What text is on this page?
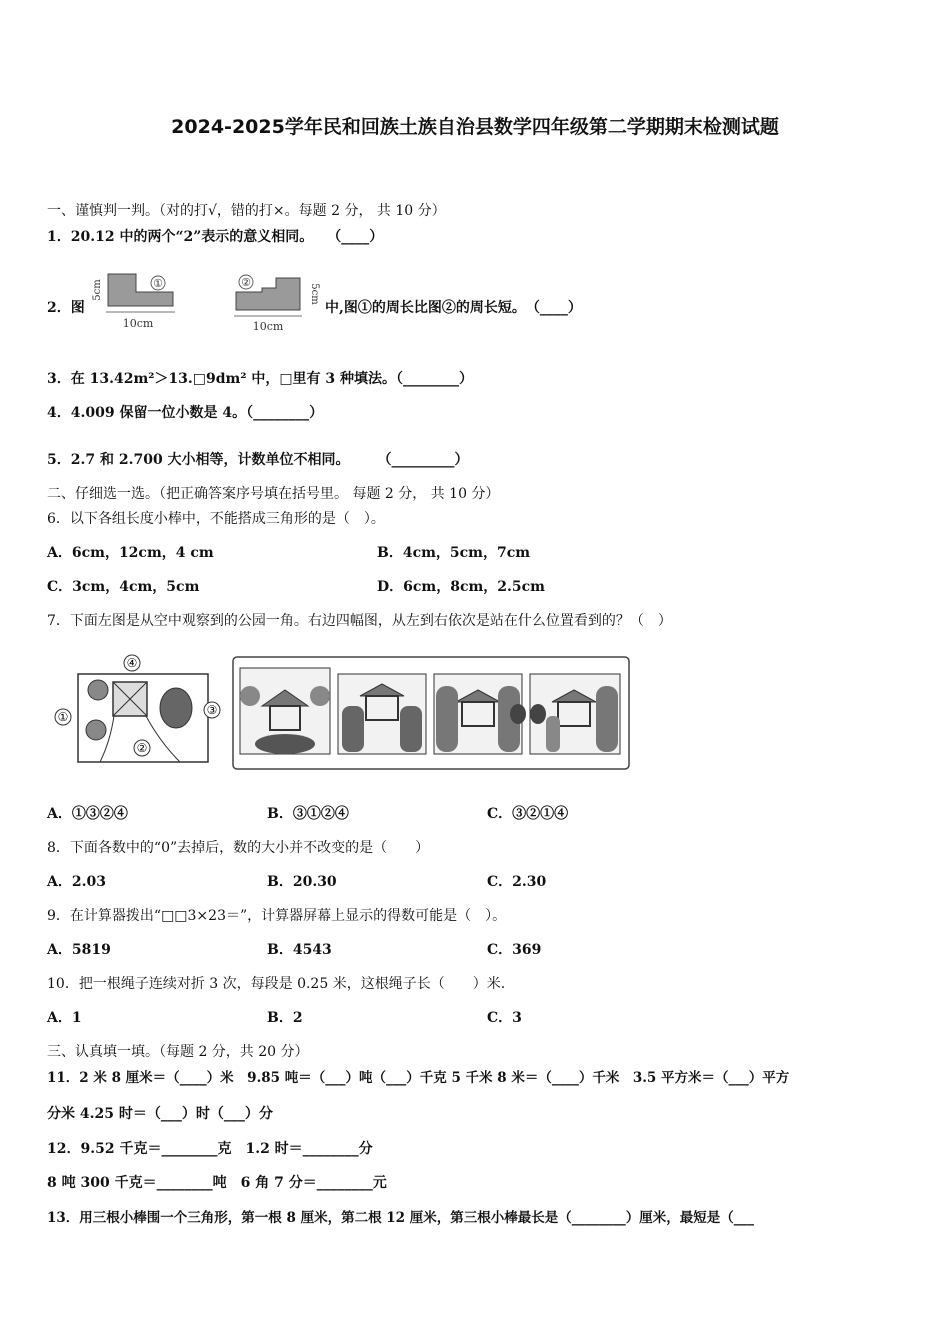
2024-2025学年民和回族土族自治县数学四年级第二学期期末检测试题
一、谨慎判一判。（对的打√，错的打×。每题 2 分， 共 10 分）
1．20.12 中的两个“2”表示的意义相同。　　（____）
2．图
①
5cm
10cm
②
5cm
10cm
中,图①的周长比图②的周长短。　（____）
3．在 13.42m²＞13.□9dm² 中，□里有 3 种填法。（________）
4．4.009 保留一位小数是 4。（________）
5．2.7 和 2.700 大小相等，计数单位不相同。　　　（_________）
二、仔细选一选。（把正确答案序号填在括号里。 每题 2 分， 共 10 分）
6．以下各组长度小棒中，不能搭成三角形的是（　）。
A．6cm，12cm，4 cm	B．4cm，5cm，7cm
C．3cm，4cm，5cm	D．6cm，8cm，2.5cm
7．下面左图是从空中观察到的公园一角。右边四幅图，从左到右依次是站在什么位置看到的？（　）
④
①	③
②
A．①③②④	B．③①②④	C．③②①④
8．下面各数中的“0”去掉后，数的大小并不改变的是（　　）
A．2.03	B．20.30	C．2.30
9．在计算器拨出“□□3×23＝”，计算器屏幕上显示的得数可能是（　）。
A．5819	B．4543	C．369
10．把一根绳子连续对折 3 次，每段是 0.25 米，这根绳子长（　　）米.
A．1	B．2	C．3
三、认真填一填。（每题 2 分，共 20 分）
11．2 米 8 厘米＝（____）米　9.85 吨＝（___）吨（___）千克 5 千米 8 米＝（____）千米　3.5 平方米＝（___）平方
分米 4.25 时＝（___）时（___）分
12．9.52 千克＝________克　1.2 时＝________分
8 吨 300 千克＝________吨　6 角 7 分＝________元
13．用三根小棒围一个三角形，第一根 8 厘米，第二根 12 厘米，第三根小棒最长是（________）厘米，最短是（___
